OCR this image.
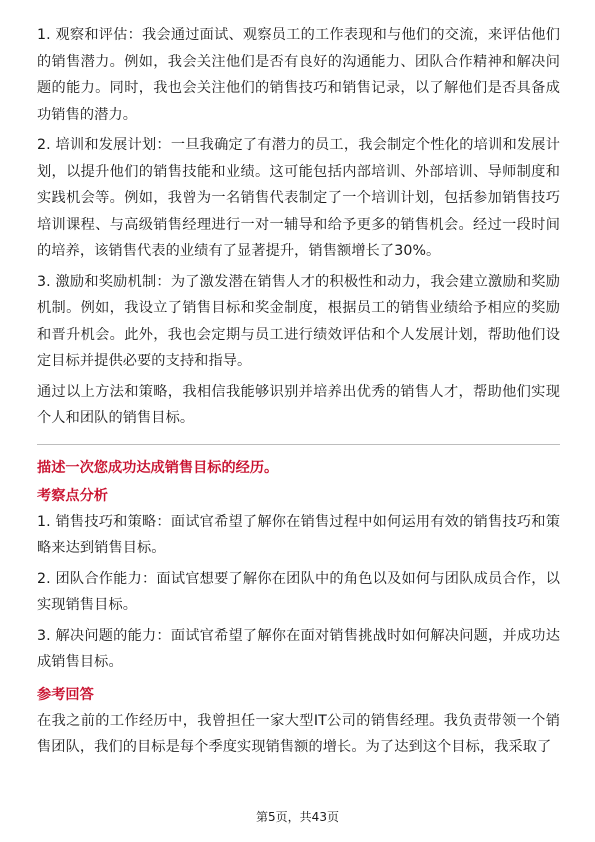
1. 观察和评估：我会通过面试、观察员工的工作表现和与他们的交流，来评估他们的销售潜力。例如，我会关注他们是否有良好的沟通能力、团队合作精神和解决问题的能力。同时，我也会关注他们的销售技巧和销售记录，以了解他们是否具备成功销售的潜力。

2. 培训和发展计划：一旦我确定了有潜力的员工，我会制定个性化的培训和发展计划，以提升他们的销售技能和业绩。这可能包括内部培训、外部培训、导师制度和实践机会等。例如，我曾为一名销售代表制定了一个培训计划，包括参加销售技巧培训课程、与高级销售经理进行一对一辅导和给予更多的销售机会。经过一段时间的培养，该销售代表的业绩有了显著提升，销售额增长了30%。

3. 激励和奖励机制：为了激发潜在销售人才的积极性和动力，我会建立激励和奖励机制。例如，我设立了销售目标和奖金制度，根据员工的销售业绩给予相应的奖励和晋升机会。此外，我也会定期与员工进行绩效评估和个人发展计划，帮助他们设定目标并提供必要的支持和指导。

通过以上方法和策略，我相信我能够识别并培养出优秀的销售人才，帮助他们实现个人和团队的销售目标。

描述一次您成功达成销售目标的经历。

考察点分析

1. 销售技巧和策略：面试官希望了解你在销售过程中如何运用有效的销售技巧和策略来达到销售目标。

2. 团队合作能力：面试官想要了解你在团队中的角色以及如何与团队成员合作，以实现销售目标。

3. 解决问题的能力：面试官希望了解你在面对销售挑战时如何解决问题，并成功达成销售目标。

参考回答

在我之前的工作经历中，我曾担任一家大型IT公司的销售经理。我负责带领一个销售团队，我们的目标是每个季度实现销售额的增长。为了达到这个目标，我采取了

第5页，共43页
